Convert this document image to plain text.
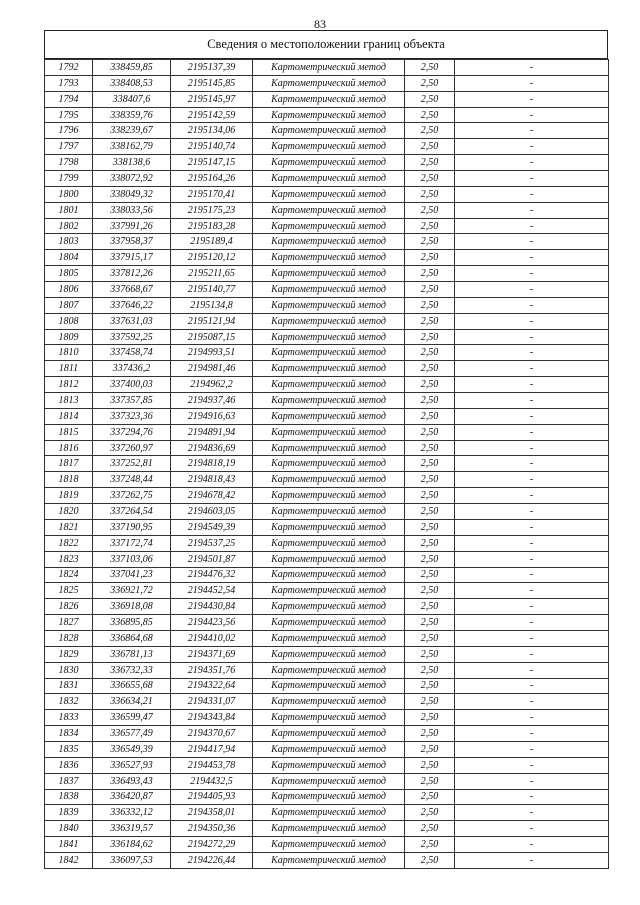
83
Сведения о местоположении границ объекта
1792	338459,85	2195137,39	Картометрический метод	2,50	-
1793	338408,53	2195145,85	Картометрический метод	2,50	-
1794	338407,6	2195145,97	Картометрический метод	2,50	-
1795	338359,76	2195142,59	Картометрический метод	2,50	-
1796	338239,67	2195134,06	Картометрический метод	2,50	-
1797	338162,79	2195140,74	Картометрический метод	2,50	-
1798	338138,6	2195147,15	Картометрический метод	2,50	-
1799	338072,92	2195164,26	Картометрический метод	2,50	-
1800	338049,32	2195170,41	Картометрический метод	2,50	-
1801	338033,56	2195175,23	Картометрический метод	2,50	-
1802	337991,26	2195183,28	Картометрический метод	2,50	-
1803	337958,37	2195189,4	Картометрический метод	2,50	-
1804	337915,17	2195120,12	Картометрический метод	2,50	-
1805	337812,26	2195211,65	Картометрический метод	2,50	-
1806	337668,67	2195140,77	Картометрический метод	2,50	-
1807	337646,22	2195134,8	Картометрический метод	2,50	-
1808	337631,03	2195121,94	Картометрический метод	2,50	-
1809	337592,25	2195087,15	Картометрический метод	2,50	-
1810	337458,74	2194993,51	Картометрический метод	2,50	-
1811	337436,2	2194981,46	Картометрический метод	2,50	-
1812	337400,03	2194962,2	Картометрический метод	2,50	-
1813	337357,85	2194937,46	Картометрический метод	2,50	-
1814	337323,36	2194916,63	Картометрический метод	2,50	-
1815	337294,76	2194891,94	Картометрический метод	2,50	-
1816	337260,97	2194836,69	Картометрический метод	2,50	-
1817	337252,81	2194818,19	Картометрический метод	2,50	-
1818	337248,44	2194818,43	Картометрический метод	2,50	-
1819	337262,75	2194678,42	Картометрический метод	2,50	-
1820	337264,54	2194603,05	Картометрический метод	2,50	-
1821	337190,95	2194549,39	Картометрический метод	2,50	-
1822	337172,74	2194537,25	Картометрический метод	2,50	-
1823	337103,06	2194501,87	Картометрический метод	2,50	-
1824	337041,23	2194476,32	Картометрический метод	2,50	-
1825	336921,72	2194452,54	Картометрический метод	2,50	-
1826	336918,08	2194430,84	Картометрический метод	2,50	-
1827	336895,85	2194423,56	Картометрический метод	2,50	-
1828	336864,68	2194410,02	Картометрический метод	2,50	-
1829	336781,13	2194371,69	Картометрический метод	2,50	-
1830	336732,33	2194351,76	Картометрический метод	2,50	-
1831	336655,68	2194322,64	Картометрический метод	2,50	-
1832	336634,21	2194331,07	Картометрический метод	2,50	-
1833	336599,47	2194343,84	Картометрический метод	2,50	-
1834	336577,49	2194370,67	Картометрический метод	2,50	-
1835	336549,39	2194417,94	Картометрический метод	2,50	-
1836	336527,93	2194453,78	Картометрический метод	2,50	-
1837	336493,43	2194432,5	Картометрический метод	2,50	-
1838	336420,87	2194405,93	Картометрический метод	2,50	-
1839	336332,12	2194358,01	Картометрический метод	2,50	-
1840	336319,57	2194350,36	Картометрический метод	2,50	-
1841	336184,62	2194272,29	Картометрический метод	2,50	-
1842	336097,53	2194226,44	Картометрический метод	2,50	-
